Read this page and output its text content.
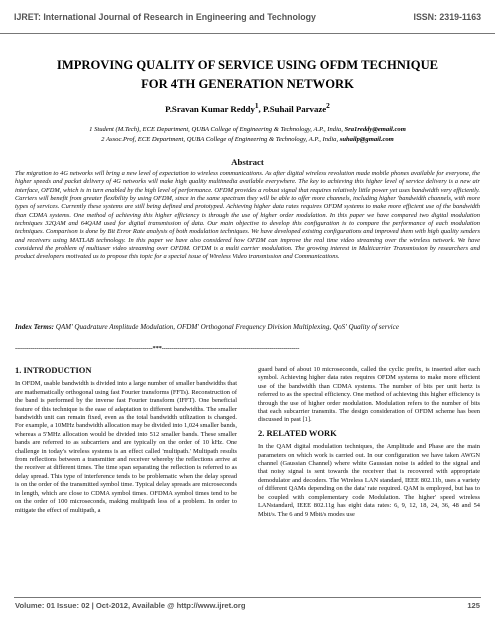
IJRET: International Journal of Research in Engineering and Technology	ISSN: 2319-1163
IMPROVING QUALITY OF SERVICE USING OFDM TECHNIQUE
FOR 4TH GENERATION NETWORK
P.Sravan Kumar Reddy$^1$, P.Suhail Parvaze$^2$
1 Student (M.Tech), ECE Department, QUBA College of Engineering & Technology, A.P., India, Sra1reddy@email.com
2 Assoc.Prof, ECE Department, QUBA College of Engineering & Technology, A.P., India, suhailp@gmail.com
Abstract

The migration to 4G networks will bring a new level of expectation to wireless communications. As after digital wireless revolution made mobile phones available for everyone, the higher speeds and packet delivery of 4G networks will make high quality multimedia available everywhere. The key to achieving this higher level of service delivery is a new air interface, OFDM, which is in turn enabled by the high level of performance. OFDM provides a robust signal that requires relatively little power yet uses bandwidth very efficiently. Carriers will benefit from greater flexibility by using OFDM, since in the same spectrum they will be able to offer more channels, including higher 'bandwidth channels, with more types of services. Currently these systems are still being defined and prototyped. Achieving higher data rates requires OFDM systems to make more efficient use of the bandwidth than CDMA systems. One method of achieving this higher efficiency is through the use of higher order modulation. In this paper we have compared two digital modulation techniques 32QAM and 64QAM used for digital transmission of data. Our main objective to develop this configuration is to compare the performance of each modulation techniques. Comparison is done by Bit Error Rate analysis of both modulation techniques. We have developed existing configurations and improved them with high quality senders and receivers using MATLAB technology. In this paper we have also considered how OFDM can improve the real time video streaming over the wireless network. We have considered the problem of multiuser video streaming over OFDM. OFDM is a multi carrier modulation. The growing interest in Multicarrier Transmission by researchers and product developers motivated us to propose this topic for a special issue of Wireless Video transmission and Communications.

Index Terms: QAM' Quadrature Amplitude Modulation, OFDM' Orthogonal Frequency Division Multiplexing, QoS' Quality of service

----------------------------------------------------------------------***----------------------------------------------------------------------
1. INTRODUCTION

In OFDM, usable bandwidth is divided into a large number of smaller bandwidths that are mathematically orthogonal using fast Fourier transforms (FFTs). Reconstruction of the band is performed by the inverse fast Fourier transform (IFFT). One beneficial feature of this technique is the ease of adaptation to different bandwidths. The smaller bandwidth unit can remain fixed, even as the total bandwidth utilization is changed. For example, a 10MHz bandwidth allocation may be divided into 1,024 smaller bands, whereas a 5'MHz allocation would be divided into 512 smaller bands. These smaller bands are referred to as subcarriers and are typically on the order of 10 kHz. One challenge in today's wireless systems is an effect called 'multipath.' Multipath results from reflections between a transmitter and receiver whereby the reflections arrive at the receiver at different times. The time span separating the reflection is referred to as delay spread. This type of interference tends to be problematic when the delay spread is on the order of the transmitted symbol time. Typical delay spreads are microseconds in length, which are close to CDMA symbol times. OFDMA symbol times tend to be on the order of 100 microseconds, making multipath less of a problem. In order to mitigate the effect of multipath, a

guard band of about 10 microseconds, called the cyclic prefix, is inserted after each symbol. Achieving higher data rates requires OFDM systems to make more efficient use of the bandwidth than CDMA systems. The number of bits per unit hertz is referred to as the spectral efficiency. One method of achieving this higher efficiency is through the use of higher order modulation. Modulation refers to the number of bits that each subcarrier transmits. The design consideration of OFDM scheme has been discussed in past [1].

2. RELATED WORK

In the QAM digital modulation techniques, the Amplitude and Phase are the main parameters on which work is carried out. In our configuration we have taken AWGN channel (Gaussian Channel) where white Gaussian noise is added to the signal and that noisy signal is sent towards the receiver that is recovered with appropriate demodulator and decoders. The Wireless LAN standard, IEEE 802.11b, uses a variety of different QAMs depending on the data' rate required. QAM is employed, but has to be coupled with complementary code Modulation. The higher' speed wireless LANstandard, IEEE 802.11g has eight data rates: 6, 9, 12, 18, 24, 36, 48 and 54 Mbit/s. The 6 and 9 Mbit/s modes use

Volume: 01 Issue: 02 | Oct-2012, Available @ http://www.ijret.org	125
